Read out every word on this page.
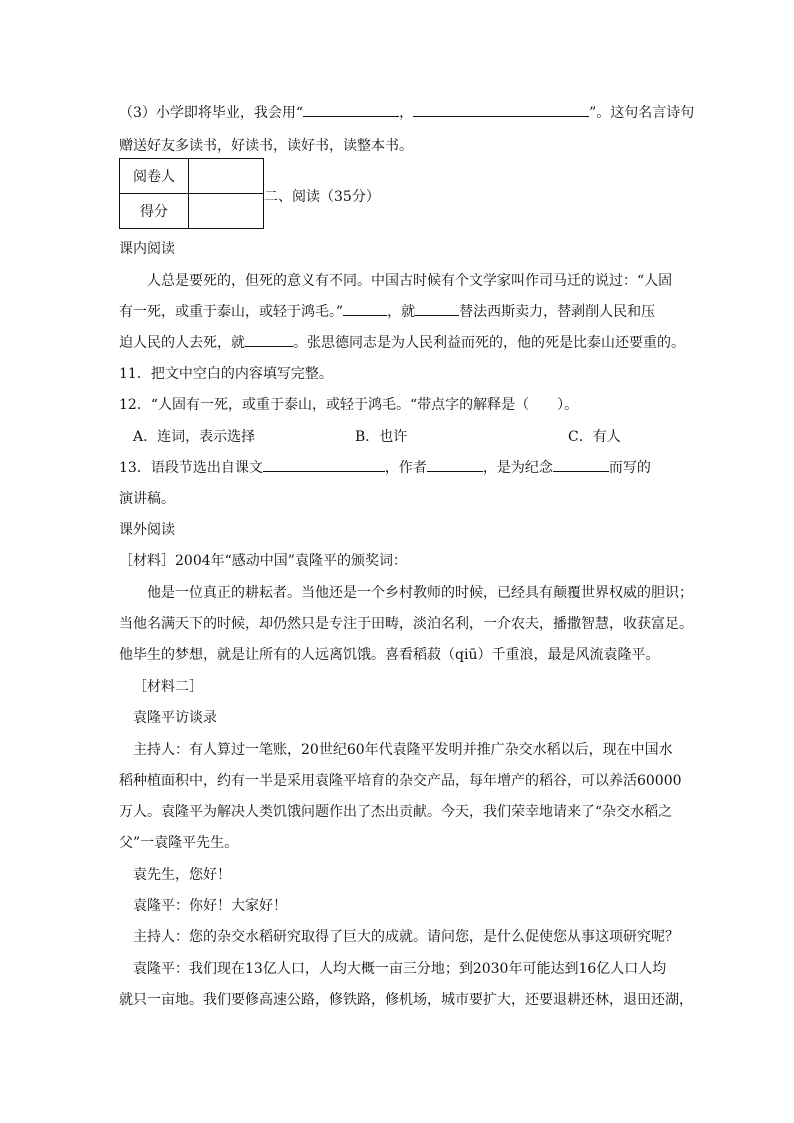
（3）小学即将毕业，我会用“	，	”。这句名言诗句
赠送好友多读书，好读书，读好书，读整本书。
阅卷人	
得分	
二、阅读（35分）
课内阅读
人总是要死的，但死的意义有不同。中国古时候有个文学家叫作司马迁的说过：“人固
有一死，或重于泰山，或轻于鸿毛。”	，就	替法西斯卖力，替剥削人民和压
迫人民的人去死，就	。张思德同志是为人民利益而死的，他的死是比泰山还要重的。
11．把文中空白的内容填写完整。
12．“人固有一死，或重于泰山，或轻于鸿毛。“带点字的解释是（　　）。
A．连词，表示选择	B．也许	C．有人
13．语段节选出自课文	，作者	，是为纪念	而写的
演讲稿。
课外阅读
［材料］2004年“感动中国”袁隆平的颁奖词：
他是一位真正的耕耘者。当他还是一个乡村教师的时候，已经具有颠覆世界权威的胆识；
当他名满天下的时候，却仍然只是专注于田畴，淡泊名利，一介农夫，播撒智慧，收获富足。
他毕生的梦想，就是让所有的人远离饥饿。喜看稻菽（qiū）千重浪，最是风流袁隆平。
［材料二］
袁隆平访谈录
主持人：有人算过一笔账，20世纪60年代袁隆平发明并推广杂交水稻以后，现在中国水
稻种植面积中，约有一半是采用袁隆平培育的杂交产品，每年增产的稻谷，可以养活60000
万人。袁隆平为解决人类饥饿问题作出了杰出贡献。今天，我们荣幸地请来了“杂交水稻之
父”一袁隆平先生。
袁先生，您好！
袁隆平：你好！大家好！
主持人：您的杂交水稻研究取得了巨大的成就。请问您，是什么促使您从事这项研究呢？
袁隆平：我们现在13亿人口，人均大概一亩三分地；到2030年可能达到16亿人口人均
就只一亩地。我们要修高速公路，修铁路，修机场，城市要扩大，还要退耕还林，退田还湖，
